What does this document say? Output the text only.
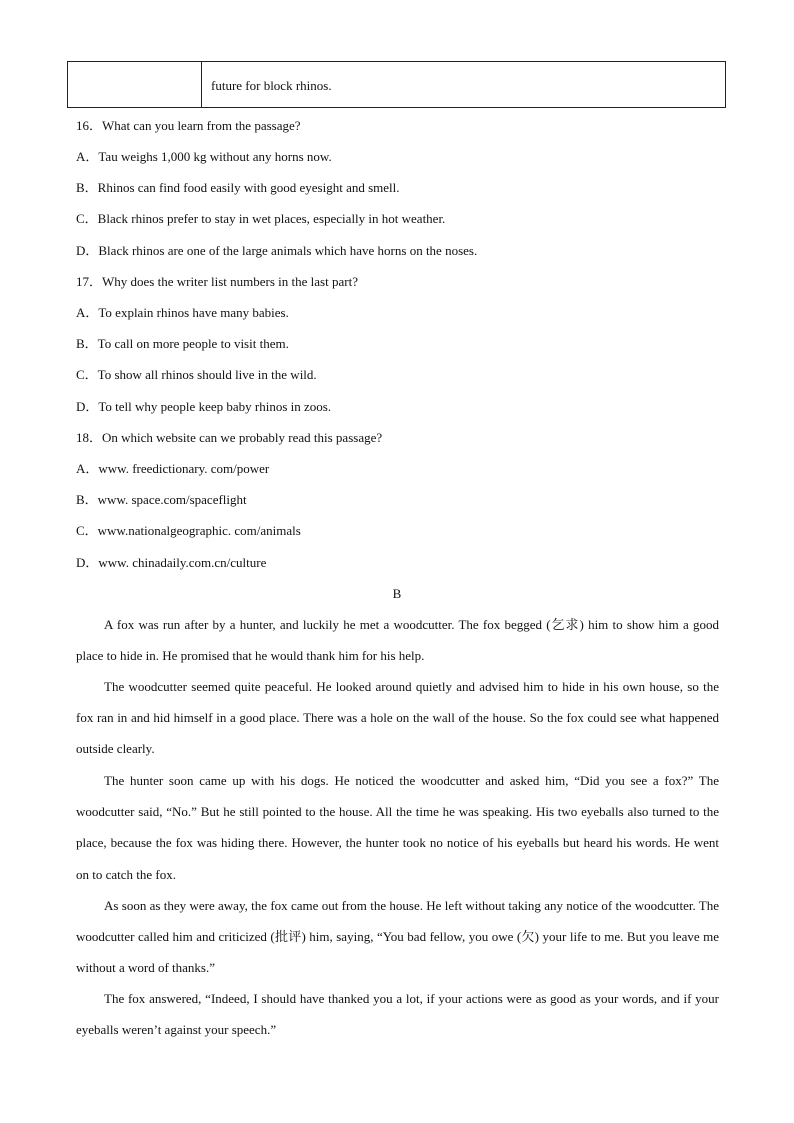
future for block rhinos.
16．What can you learn from the passage?
A．Tau weighs 1,000 kg without any horns now.
B．Rhinos can find food easily with good eyesight and smell.
C．Black rhinos prefer to stay in wet places, especially in hot weather.
D．Black rhinos are one of the large animals which have horns on the noses.
17．Why does the writer list numbers in the last part?
A．To explain rhinos have many babies.
B．To call on more people to visit them.
C．To show all rhinos should live in the wild.
D．To tell why people keep baby rhinos in zoos.
18．On which website can we probably read this passage?
A．www. freedictionary. com/power
B．www. space.com/spaceflight
C．www.nationalgeographic. com/animals
D．www. chinadaily.com.cn/culture
B
A fox was run after by a hunter, and luckily he met a woodcutter. The fox begged (乞求) him to show him a good place to hide in. He promised that he would thank him for his help.
The woodcutter seemed quite peaceful. He looked around quietly and advised him to hide in his own house, so the fox ran in and hid himself in a good place. There was a hole on the wall of the house. So the fox could see what happened outside clearly.
The hunter soon came up with his dogs. He noticed the woodcutter and asked him, “Did you see a fox?” The woodcutter said, “No.” But he still pointed to the house. All the time he was speaking. His two eyeballs also turned to the place, because the fox was hiding there. However, the hunter took no notice of his eyeballs but heard his words. He went on to catch the fox.
As soon as they were away, the fox came out from the house. He left without taking any notice of the woodcutter. The woodcutter called him and criticized (批评) him, saying, “You bad fellow, you owe (欠) your life to me. But you leave me without a word of thanks.”
The fox answered, “Indeed, I should have thanked you a lot, if your actions were as good as your words, and if your eyeballs weren’t against your speech.”
